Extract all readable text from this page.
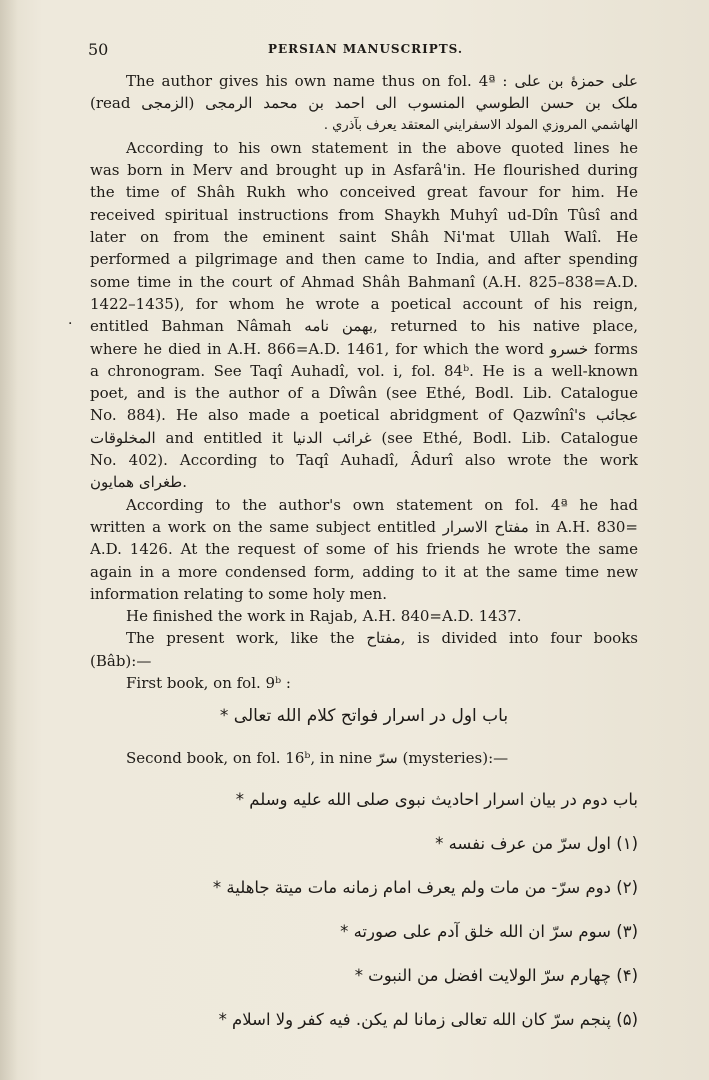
50	PERSIAN MANUSCRIPTS.
·
The author gives his own name thus on fol. 4ª : علی حمزهٔ بن علی
(read الزمجی) ملک بن حسن الطوسي المنسوب الى احمد بن محمد الرمجی
الهاشمي المروزي المولد الاسفرايني المعتقد يعرف بآذري .
According to his own statement in the above quoted lines he
was born in Merv and brought up in Asfarâ'in. He flourished during
the time of Shâh Rukh who conceived great favour for him. He
received spiritual instructions from Shaykh Muhyî ud-Dîn Tûsî and
later on from the eminent saint Shâh Ni'mat Ullah Walî. He
performed a pilgrimage and then came to India, and after spending
some time in the court of Ahmad Shâh Bahmanî (A.H. 825–838=A.D.
1422–1435), for whom he wrote a poetical account of his reign,
entitled Bahman Nâmah بهمن نامه, returned to his native place,
where he died in A.H. 866=A.D. 1461, for which the word خسرو forms
a chronogram. See Taqî Auhadî, vol. i, fol. 84ᵇ. He is a well-known
poet, and is the author of a Dîwân (see Ethé, Bodl. Lib. Catalogue
No. 884). He also made a poetical abridgment of Qazwînî's عجائب
المخلوقات and entitled it غرائب الدنيا (see Ethé, Bodl. Lib. Catalogue
No. 402). According to Taqî Auhadî, Âdurî also wrote the work
طغرای همایون.
According to the author's own statement on fol. 4ª he had
written a work on the same subject entitled مفتاح الاسرار in A.H. 830=
A.D. 1426. At the request of some of his friends he wrote the same
again in a more condensed form, adding to it at the same time new
information relating to some holy men.
He finished the work in Rajab, A.H. 840=A.D. 1437.
The present work, like the مفتاح, is divided into four books
(Bâb):—
First book, on fol. 9ᵇ :
باب اول در اسرار فواتح کلام الله تعالی *
Second book, on fol. 16ᵇ, in nine سرّ (mysteries):—
باب دوم در بیان اسرار احادیث نبوی صلی الله علیه وسلم *
(۱) اول سرّ من عرف نفسه *
(۲) دوم سرّ- من مات ولم یعرف امام زمانه مات میتة جاهلیة *
(۳) سوم سرّ ان الله خلق آدم علی صورته *
(۴) چهارم سرّ الولایت افضل من النبوت *
(۵) پنجم سرّ کان الله تعالی زمانا لم یکن. فیه کفر ولا اسلام *
